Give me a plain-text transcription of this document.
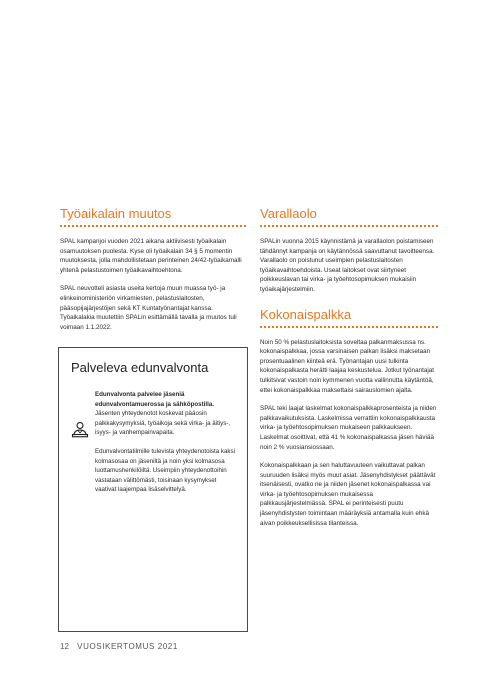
Työaikalain muutos

SPAL kampanjoi vuoden 2021 aikana aktiivisesti työaikalain osamuutoksen puolesta. Kyse oli työaikalain 34 § 5 momentin muutoksesta, jolla mahdollistetaan perinteinen 24/42-työaikamalli yhtenä pelastustoimen työaikavaihtoehtona.

SPAL neuvotteli asiasta useita kertoja muun muassa työ- ja elinkeinoministeriön virkamiesten, pelastuslaitosten, pääsopijajärjestöjen sekä KT Kuntatyönantajat kanssa. Työaikalakia muutettiin SPALin esittämällä tavalla ja muutos tuli voimaan 1.1.2022.

Palveleva edunvalvonta

Edunvalvonta palvelee jäseniä edunvalvontamuerossa ja sähköpostilla. Jäsenten yhteydenotot koskevat pääosin palkkakysymyksiä, työaikoja sekä virka- ja äitiys-, isyys- ja vanhempainvapaita.

Edunvalvontatilmille tulevista yhteydenotoista kaksi kolmasosaa on jäseniltä ja noin yksi kolmasosa luottamushenkilöiltä. Useimpiin yhteydenottoihin vastataan välittömästi, toisinaan kysymykset vaativat laajempaa lisäselvittelyä.

Varallaolo

SPALin vuonna 2015 käynnistämä ja varallaolon poistamiseen tähdännyt kampanja on käytännössä saavuttanut tavoitteensa. Varallaolo on poistunut useimpien pelastuslaitosten työaikavaihtoehdoista. Useat laitokset ovat siirtyneet poikkeuslavan tai virka- ja työehtosopimuksen mukaisiin työaikajärjestelmiin.

Kokonaispalkka

Noin 50 % pelastuslaitoksista soveltaa palkanmaksussa ns. kokonaispalkkaa, jossa varsinaisen palkan lisäksi maksetaan prosentuaalinen kiinteä erä. Työnantajan uusi tulkinta kokonaispalkasta herätti laajaa keskustelua. Jotkut työnantajat tulkitsivat vastoin noin kymmenen vuotta vallinnutta käytäntöä, ettei kokonaispalkkaa maksettaisi sairauslomien ajalta.

SPAL teki laajat laskelmat kokonaispalkkaprosenteista ja niiden palkkavaikutuksista. Laskelmissa verrattiin kokonaispalkkausta virka- ja työehtosopimuksen mukaiseen palkkaukseen. Laskelmat osoittivat, että 41 % kokonaispalkassa jäsen häviää noin 2 % vuosiansiossaan.

Kokonaispalkkaan ja sen haluttavuuteen vaikuttavat palkan suuruuden lisäksi myös muut asiat. Jäsenyhdistykset päättävät itsenäisesti, ovatko ne ja niiden jäsenet kokonaispalkassa vai virka- ja työehtosopimuksen mukaisessa palkkausjärjestelmässä. SPAL ei perinteisesti puutu jäsenyhdistysten toimintaan määräyksiä antamalla kuin ehkä aivan poikkeuksellisissa tilanteissa.

12 VUOSIKERTOMUS 2021
